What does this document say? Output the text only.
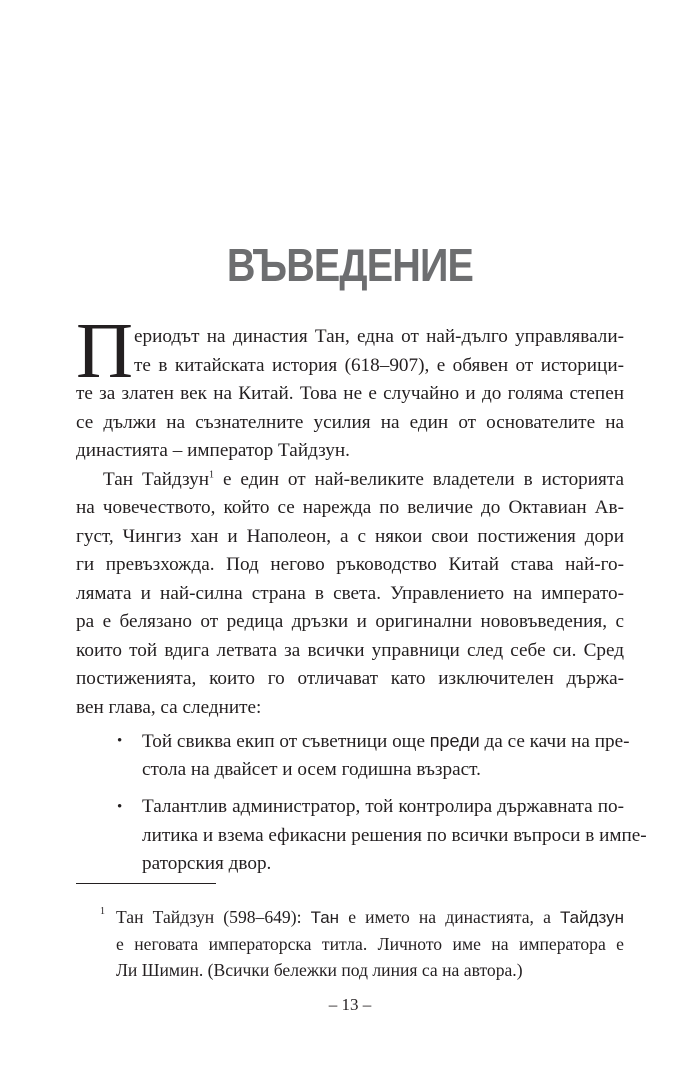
ВЪВЕДЕНИЕ
П ериодът на династия Тан, една от най-дълго управлявали-
те в китайската история (618–907), е обявен от историци-
те за златен век на Китай. Това не е случайно и до голяма степен
се дължи на съзнателните усилия на един от основателите на
династията – император Тайдзун.
Тан Тайдзун$^1$ е един от най-великите владетели в историята
на човечеството, който се нарежда по величие до Октавиан Ав-
густ, Чингиз хан и Наполеон, а с някои свои постижения дори
ги превъзхожда. Под негово ръководство Китай става най-го-
лямата и най-силна страна в света. Управлението на императо-
ра е белязано от редица дръзки и оригинални нововъведения, с
които той вдига летвата за всички управници след себе си. Сред
постиженията, които го отличават като изключителен държа-
вен глава, са следните:
•	Той свиква екип от съветници още преди да се качи на пре-
стола на двайсет и осем годишна възраст.
•	Талантлив администратор, той контролира държавната по-
литика и взема ефикасни решения по всички въпроси в импе-
раторския двор.
1 Тан Тайдзун (598–649): Тан е името на династията, а Тайдзун
е неговата императорска титла. Личното име на императора е
Ли Шимин. (Всички бележки под линия са на автора.)
– 13 –
